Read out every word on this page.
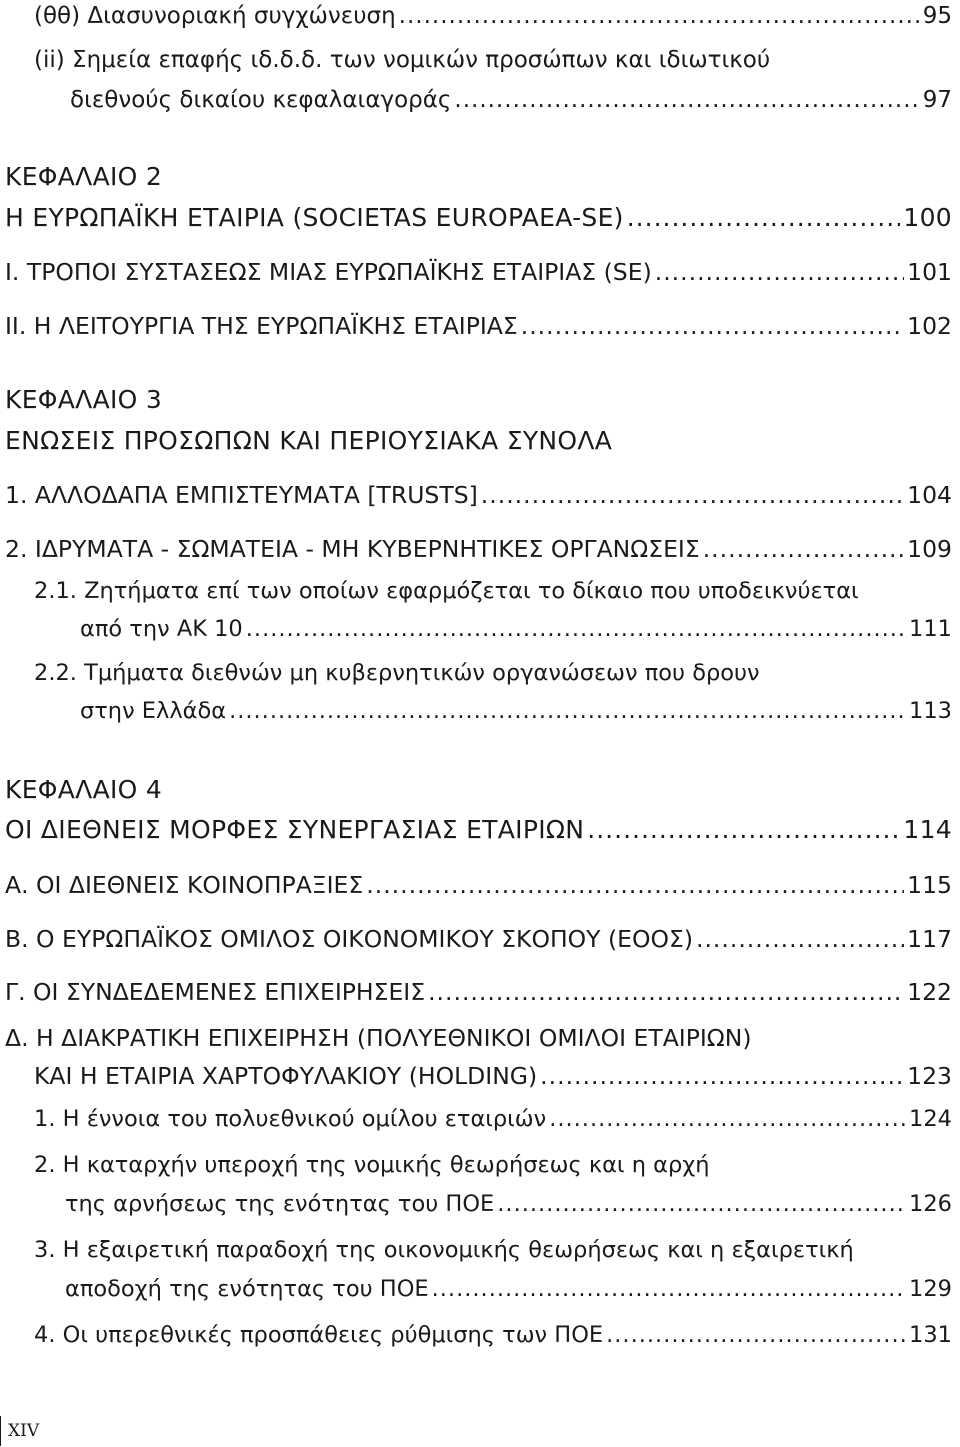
(θθ) Διασυνοριακή συγχώνευση .....	95
(ii) Σημεία επαφής ιδ.δ.δ. των νομικών προσώπων και ιδιωτικού
διεθνούς δικαίου κεφαλαιαγοράς .....	97
ΚΕΦΑΛΑΙΟ 2
Η ΕΥΡΩΠΑΪΚΗ ΕΤΑΙΡΙΑ (SOCIETAS EUROPAEA-SE) .....	100
I. ΤΡΟΠΟΙ ΣΥΣΤΑΣΕΩΣ ΜΙΑΣ ΕΥΡΩΠΑΪΚΗΣ ΕΤΑΙΡΙΑΣ (SE) .....	101
II. Η ΛΕΙΤΟΥΡΓΙΑ ΤΗΣ ΕΥΡΩΠΑΪΚΗΣ ΕΤΑΙΡΙΑΣ .....	102
ΚΕΦΑΛΑΙΟ 3
ΕΝΩΣΕΙΣ ΠΡΟΣΩΠΩΝ ΚΑΙ ΠΕΡΙΟΥΣΙΑΚΑ ΣΥΝΟΛΑ
1. ΑΛΛΟΔΑΠΑ ΕΜΠΙΣΤΕΥΜΑΤΑ [TRUSTS] .....	104
2. ΙΔΡΥΜΑΤΑ - ΣΩΜΑΤΕΙΑ - ΜΗ ΚΥΒΕΡΝΗΤΙΚΕΣ ΟΡΓΑΝΩΣΕΙΣ .....	109
2.1. Ζητήματα επί των οποίων εφαρμόζεται το δίκαιο που υποδεικνύεται
από την ΑΚ 10 .....	111
2.2. Τμήματα διεθνών μη κυβερνητικών οργανώσεων που δρουν
στην Ελλάδα .....	113
ΚΕΦΑΛΑΙΟ 4
ΟΙ ΔΙΕΘΝΕΙΣ ΜΟΡΦΕΣ ΣΥΝΕΡΓΑΣΙΑΣ ΕΤΑΙΡΙΩΝ .....	114
Α. ΟΙ ΔΙΕΘΝΕΙΣ ΚΟΙΝΟΠΡΑΞΙΕΣ .....	115
Β. Ο ΕΥΡΩΠΑΪΚΟΣ ΟΜΙΛΟΣ ΟΙΚΟΝΟΜΙΚΟΥ ΣΚΟΠΟΥ (ΕΟΟΣ) .....	117
Γ. ΟΙ ΣΥΝΔΕΔΕΜΕΝΕΣ ΕΠΙΧΕΙΡΗΣΕΙΣ .....	122
Δ. Η ΔΙΑΚΡΑΤΙΚΗ ΕΠΙΧΕΙΡΗΣΗ (ΠΟΛΥΕΘΝΙΚΟΙ ΟΜΙΛΟΙ ΕΤΑΙΡΙΩΝ)
ΚΑΙ Η ΕΤΑΙΡΙΑ ΧΑΡΤΟΦΥΛΑΚΙΟΥ (HOLDING) .....	123
1. Η έννοια του πολυεθνικού ομίλου εταιριών .....	124
2. Η καταρχήν υπεροχή της νομικής θεωρήσεως και η αρχή
της αρνήσεως της ενότητας του ΠΟΕ .....	126
3. Η εξαιρετική παραδοχή της οικονομικής θεωρήσεως και η εξαιρετική
αποδοχή της ενότητας του ΠΟΕ .....	129
4. Οι υπερεθνικές προσπάθειες ρύθμισης των ΠΟΕ .....	131
XIV
